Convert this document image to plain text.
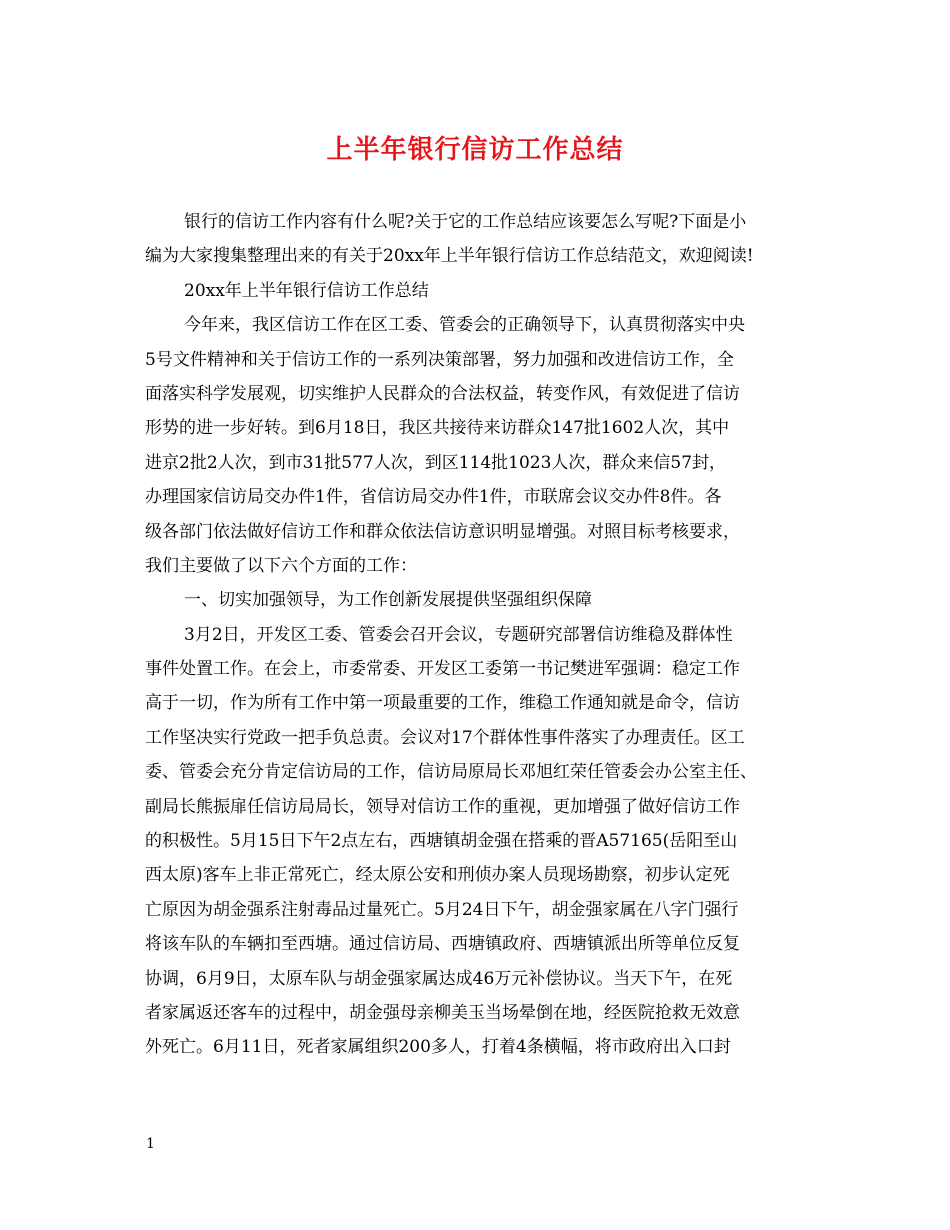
上半年银行信访工作总结
银行的信访工作内容有什么呢?关于它的工作总结应该要怎么写呢?下面是小
编为大家搜集整理出来的有关于20xx年上半年银行信访工作总结范文，欢迎阅读!
20xx年上半年银行信访工作总结
今年来，我区信访工作在区工委、管委会的正确领导下，认真贯彻落实中央
5号文件精神和关于信访工作的一系列决策部署，努力加强和改进信访工作，全
面落实科学发展观，切实维护人民群众的合法权益，转变作风，有效促进了信访
形势的进一步好转。到6月18日，我区共接待来访群众147批1602人次，其中
进京2批2人次，到市31批577人次，到区114批1023人次，群众来信57封，
办理国家信访局交办件1件，省信访局交办件1件，市联席会议交办件8件。各
级各部门依法做好信访工作和群众依法信访意识明显增强。对照目标考核要求，
我们主要做了以下六个方面的工作：
一、切实加强领导，为工作创新发展提供坚强组织保障
3月2日，开发区工委、管委会召开会议，专题研究部署信访维稳及群体性
事件处置工作。在会上，市委常委、开发区工委第一书记樊进军强调：稳定工作
高于一切，作为所有工作中第一项最重要的工作，维稳工作通知就是命令，信访
工作坚决实行党政一把手负总责。会议对17个群体性事件落实了办理责任。区工
委、管委会充分肯定信访局的工作，信访局原局长邓旭红荣任管委会办公室主任、
副局长熊振扉任信访局局长，领导对信访工作的重视，更加增强了做好信访工作
的积极性。5月15日下午2点左右，西塘镇胡金强在搭乘的晋A57165(岳阳至山
西太原)客车上非正常死亡，经太原公安和刑侦办案人员现场勘察，初步认定死
亡原因为胡金强系注射毒品过量死亡。5月24日下午，胡金强家属在八字门强行
将该车队的车辆扣至西塘。通过信访局、西塘镇政府、西塘镇派出所等单位反复
协调，6月9日，太原车队与胡金强家属达成46万元补偿协议。当天下午，在死
者家属返还客车的过程中，胡金强母亲柳美玉当场晕倒在地，经医院抢救无效意
外死亡。6月11日，死者家属组织200多人，打着4条横幅，将市政府出入口封
1
